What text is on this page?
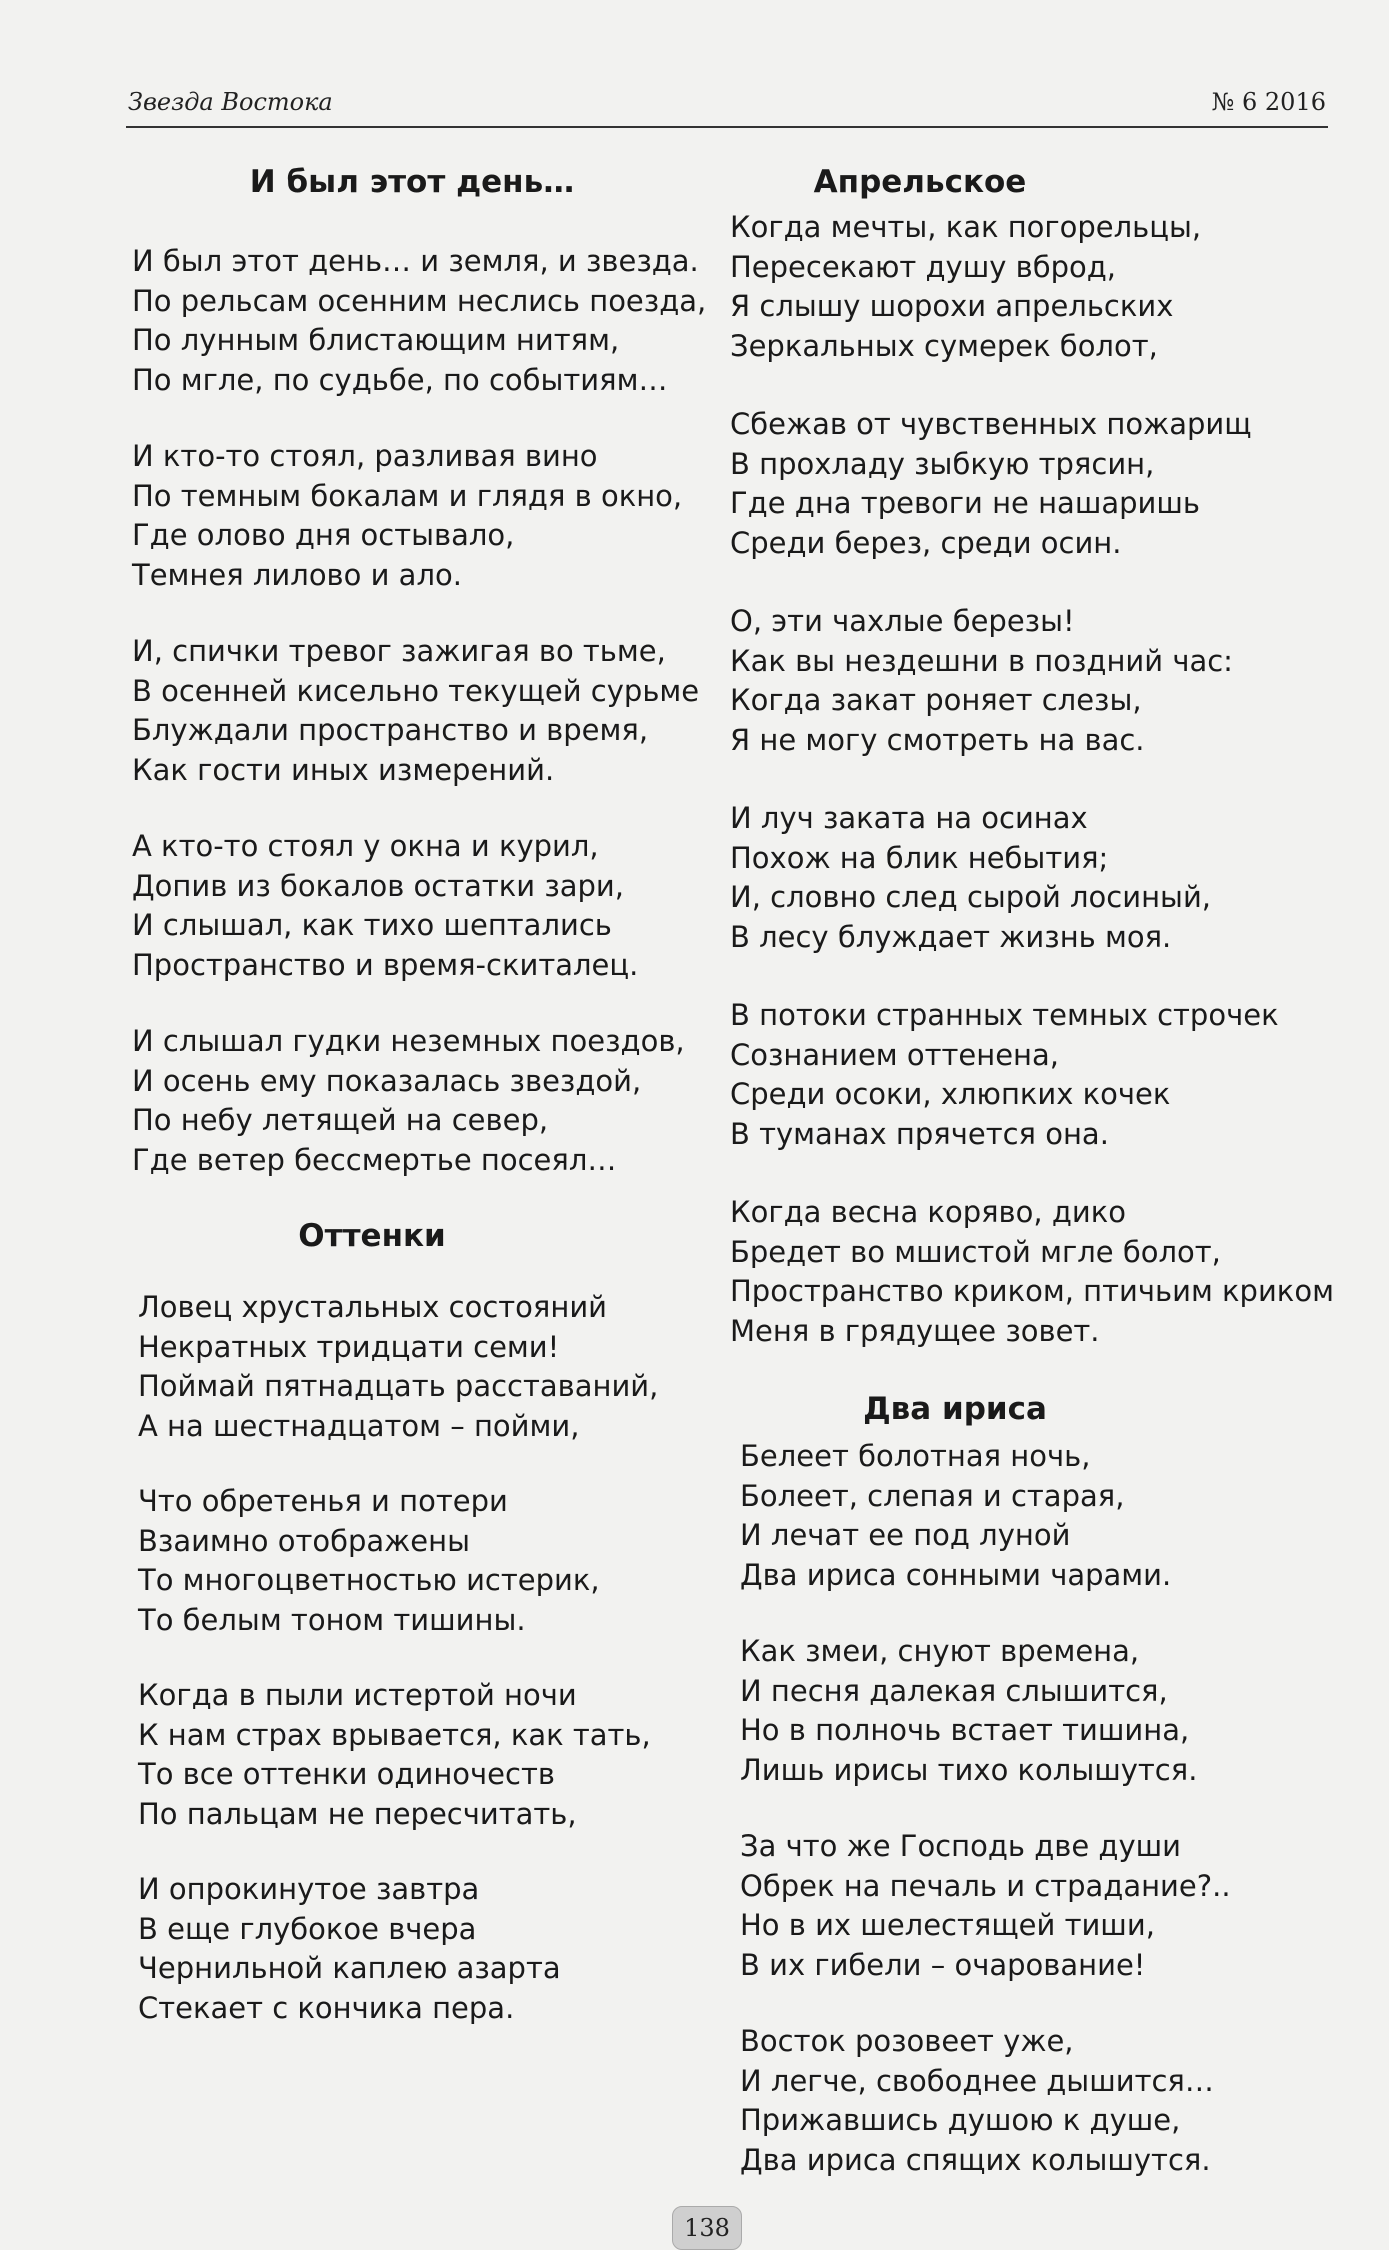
Звезда Востока	№ 6 2016
И был этот день…
И был этот день… и земля, и звезда.
По рельсам осенним неслись поезда,
По лунным блистающим нитям,
По мгле, по судьбе, по событиям…
И кто-то стоял, разливая вино
По темным бокалам и глядя в окно,
Где олово дня остывало,
Темнея лилово и ало.
И, спички тревог зажигая во тьме,
В осенней кисельно текущей сурьме
Блуждали пространство и время,
Как гости иных измерений.
А кто-то стоял у окна и курил,
Допив из бокалов остатки зари,
И слышал, как тихо шептались
Пространство и время-скиталец.
И слышал гудки неземных поездов,
И осень ему показалась звездой,
По небу летящей на север,
Где ветер бессмертье посеял…
Оттенки
Ловец хрустальных состояний
Некратных тридцати семи!
Поймай пятнадцать расставаний,
А на шестнадцатом – пойми,
Что обретенья и потери
Взаимно отображены
То многоцветностью истерик,
То белым тоном тишины.
Когда в пыли истертой ночи
К нам страх врывается, как тать,
То все оттенки одиночеств
По пальцам не пересчитать,
И опрокинутое завтра
В еще глубокое вчера
Чернильной каплею азарта
Стекает с кончика пера.
Апрельское
Когда мечты, как погорельцы,
Пересекают душу вброд,
Я слышу шорохи апрельских
Зеркальных сумерек болот,
Сбежав от чувственных пожарищ
В прохладу зыбкую трясин,
Где дна тревоги не нашаришь
Среди берез, среди осин.
О, эти чахлые березы!
Как вы нездешни в поздний час:
Когда закат роняет слезы,
Я не могу смотреть на вас.
И луч заката на осинах
Похож на блик небытия;
И, словно след сырой лосиный,
В лесу блуждает жизнь моя.
В потоки странных темных строчек
Сознанием оттенена,
Среди осоки, хлюпких кочек
В туманах прячется она.
Когда весна коряво, дико
Бредет во мшистой мгле болот,
Пространство криком, птичьим криком
Меня в грядущее зовет.
Два ириса
Белеет болотная ночь,
Болеет, слепая и старая,
И лечат ее под луной
Два ириса сонными чарами.
Как змеи, снуют времена,
И песня далекая слышится,
Но в полночь встает тишина,
Лишь ирисы тихо колышутся.
За что же Господь две души
Обрек на печаль и страдание?..
Но в их шелестящей тиши,
В их гибели – очарование!
Восток розовеет уже,
И легче, свободнее дышится…
Прижавшись душою к душе,
Два ириса спящих колышутся.
138
